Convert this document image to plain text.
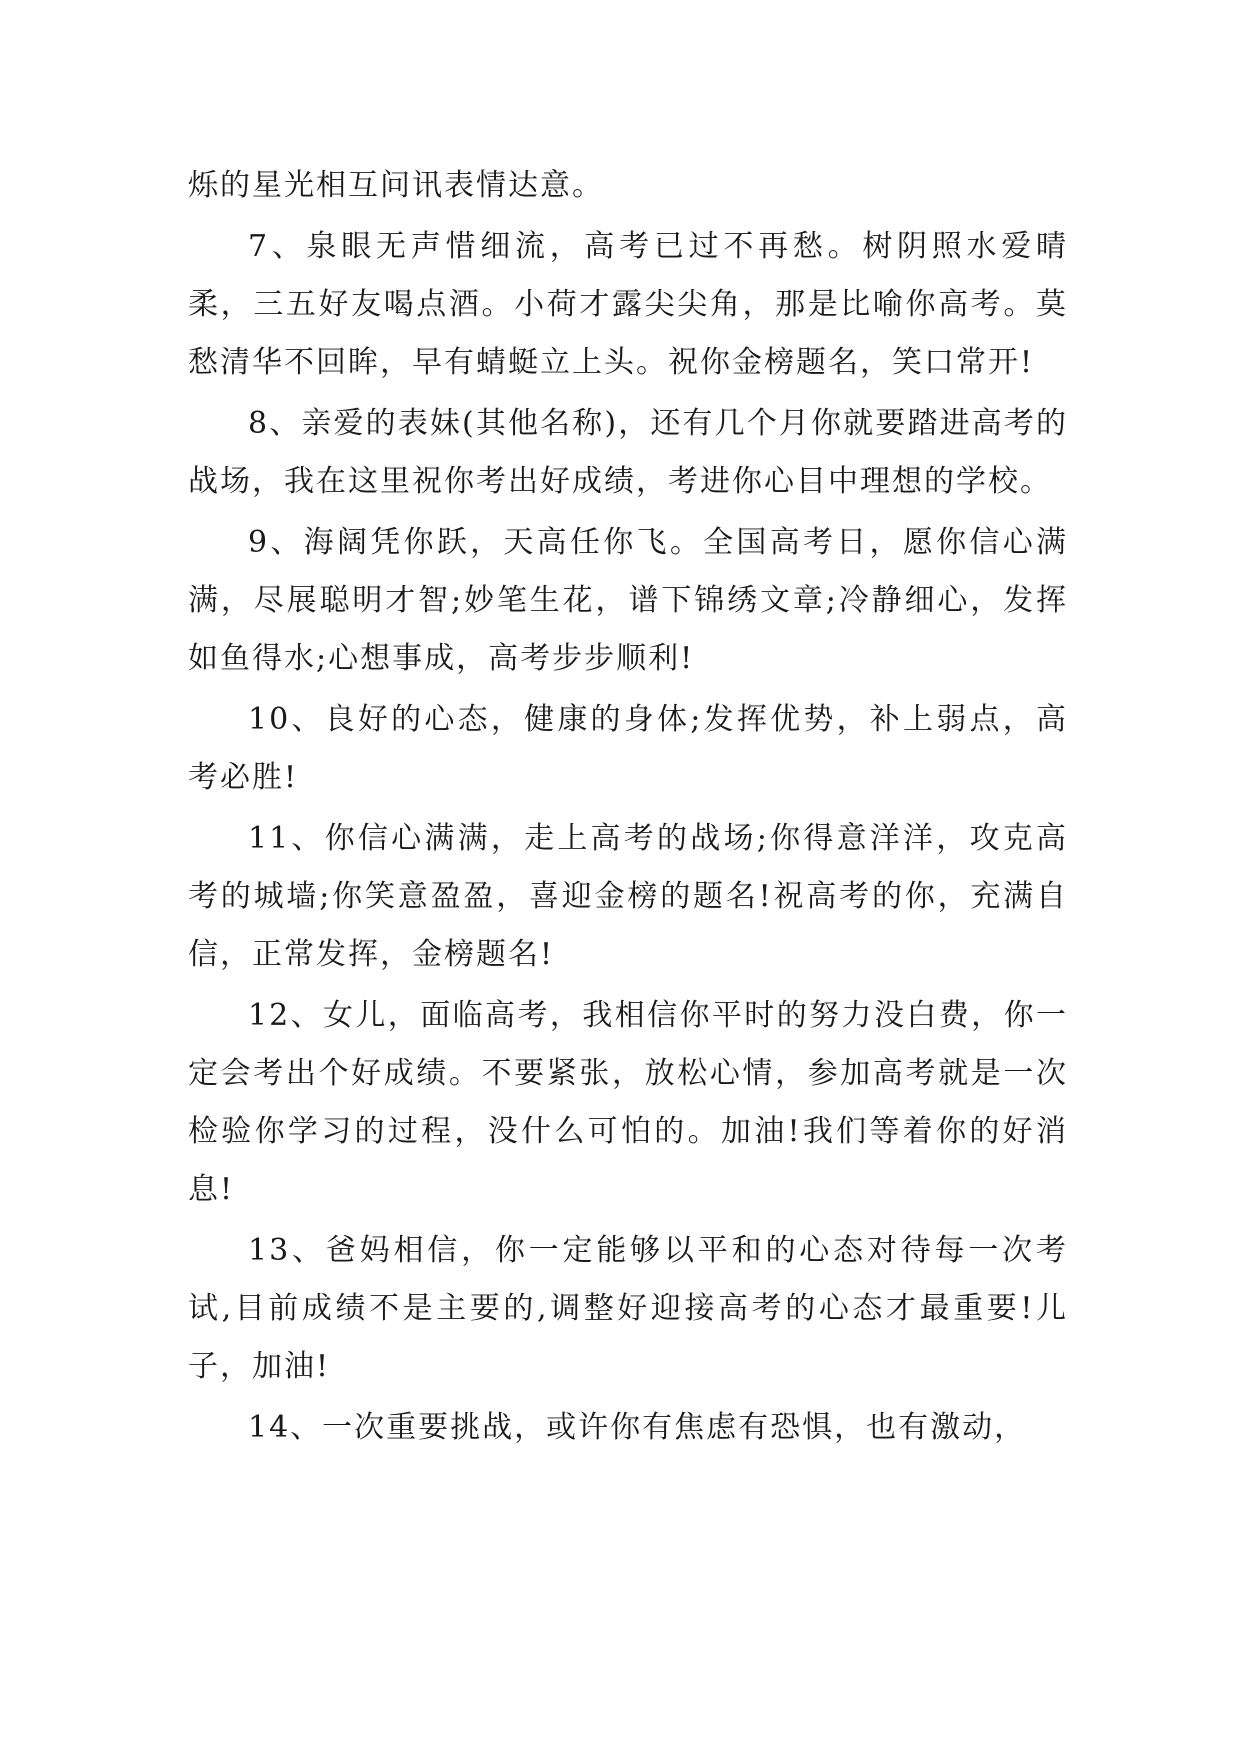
烁的星光相互问讯表情达意。

7、泉眼无声惜细流，高考已过不再愁。树阴照水爱晴柔，三五好友喝点酒。小荷才露尖尖角，那是比喻你高考。莫愁清华不回眸，早有蜻蜓立上头。祝你金榜题名，笑口常开!

8、亲爱的表妹(其他名称)，还有几个月你就要踏进高考的战场，我在这里祝你考出好成绩，考进你心目中理想的学校。

9、海阔凭你跃，天高任你飞。全国高考日，愿你信心满满，尽展聪明才智;妙笔生花，谱下锦绣文章;冷静细心，发挥如鱼得水;心想事成，高考步步顺利!

10、良好的心态，健康的身体;发挥优势，补上弱点，高考必胜!

11、你信心满满，走上高考的战场;你得意洋洋，攻克高考的城墙;你笑意盈盈，喜迎金榜的题名!祝高考的你，充满自信，正常发挥，金榜题名!

12、女儿，面临高考，我相信你平时的努力没白费，你一定会考出个好成绩。不要紧张，放松心情，参加高考就是一次检验你学习的过程，没什么可怕的。加油!我们等着你的好消息!

13、爸妈相信，你一定能够以平和的心态对待每一次考试,目前成绩不是主要的,调整好迎接高考的心态才最重要!儿子，加油!

14、一次重要挑战，或许你有焦虑有恐惧，也有激动，
